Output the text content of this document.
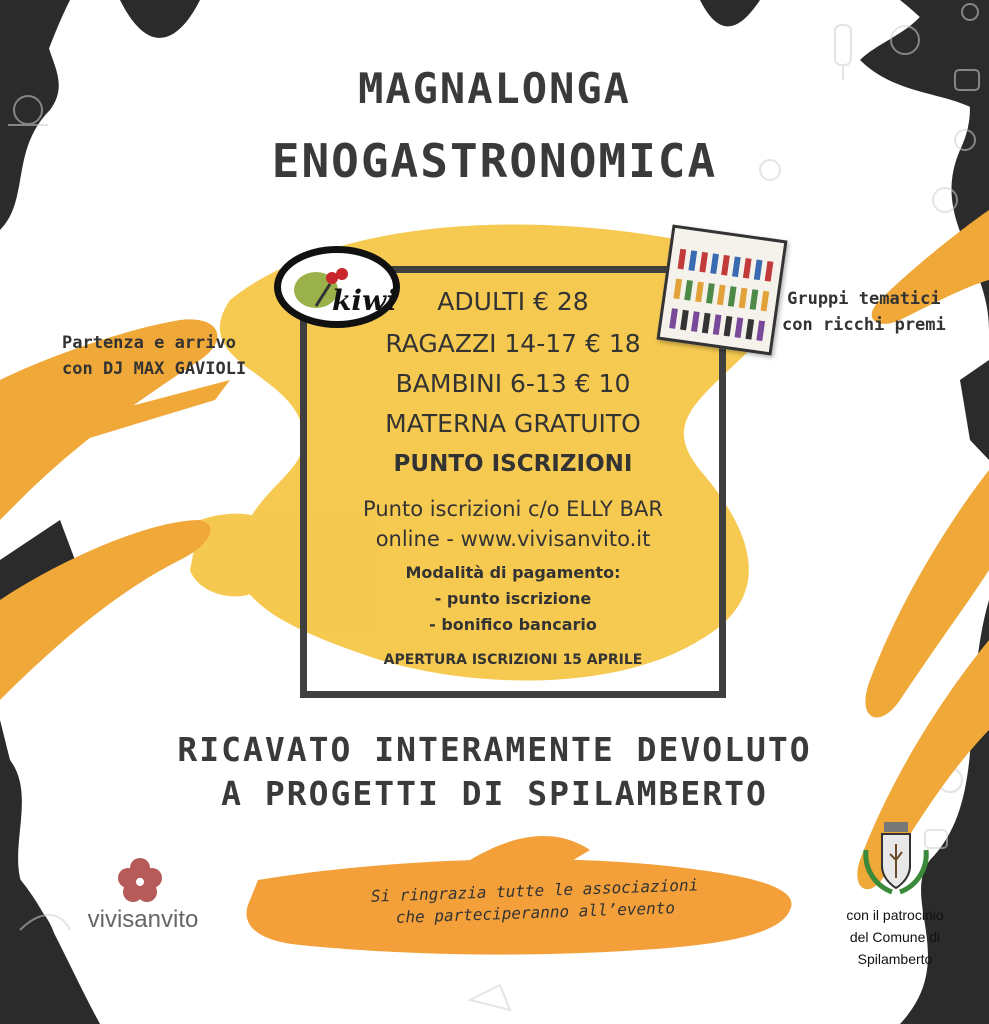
MAGNALONGA
ENOGASTRONOMICA
kiwi	ADULTI € 28
RAGAZZI 14-17 € 18
BAMBINI 6-13 € 10
MATERNA GRATUITO
PUNTO ISCRIZIONI
Punto iscrizioni c/o ELLY BAR
online - www.vivisanvito.it
Modalità di pagamento:
- punto iscrizione
- bonifico bancario
APERTURA ISCRIZIONI 15 APRILE
Partenza e arrivo
con DJ MAX GAVIOLI
Gruppi tematici
con ricchi premi
RICAVATO INTERAMENTE DEVOLUTO
A PROGETTI DI SPILAMBERTO
Si ringrazia tutte le associazioni
che parteciperanno all’evento
vivisanvito	con il patrocinio
del Comune di
Spilamberto
